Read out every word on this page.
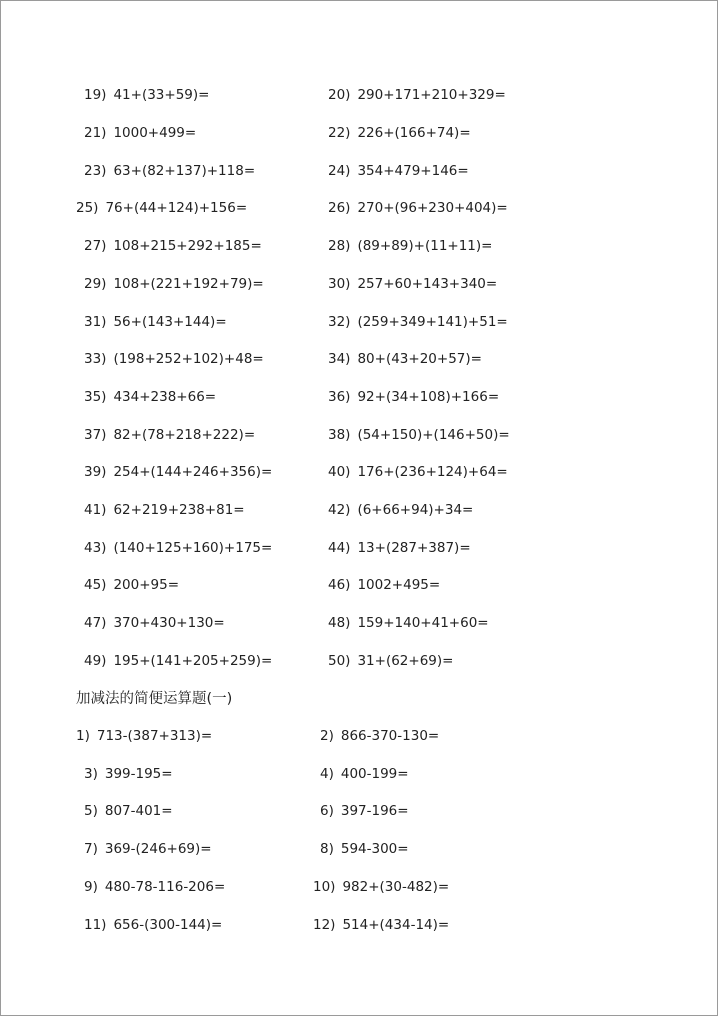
19) 41+(33+59)=	20) 290+171+210+329=
21) 1000+499=	22) 226+(166+74)=
23) 63+(82+137)+118=	24) 354+479+146=
25) 76+(44+124)+156=	26) 270+(96+230+404)=
27) 108+215+292+185=	28) (89+89)+(11+11)=
29) 108+(221+192+79)=	30) 257+60+143+340=
31) 56+(143+144)=	32) (259+349+141)+51=
33) (198+252+102)+48=	34) 80+(43+20+57)=
35) 434+238+66=	36) 92+(34+108)+166=
37) 82+(78+218+222)=	38) (54+150)+(146+50)=
39) 254+(144+246+356)=	40) 176+(236+124)+64=
41) 62+219+238+81=	42) (6+66+94)+34=
43) (140+125+160)+175=	44) 13+(287+387)=
45) 200+95=	46) 1002+495=
47) 370+430+130=	48) 159+140+41+60=
49) 195+(141+205+259)=	50) 31+(62+69)=
加减法的简便运算题(一)
1) 713-(387+313)=	2) 866-370-130=
3) 399-195=	4) 400-199=
5) 807-401=	6) 397-196=
7) 369-(246+69)=	8) 594-300=
9) 480-78-116-206=	10) 982+(30-482)=
11) 656-(300-144)=	12) 514+(434-14)=
